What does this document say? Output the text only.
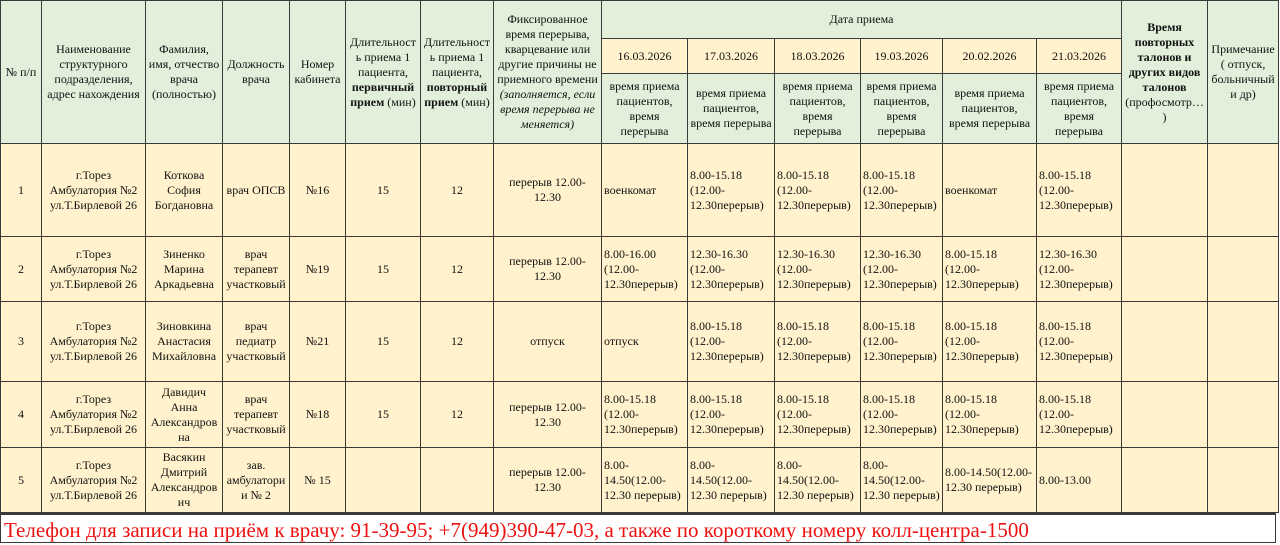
№ п/п	Наименование структурного подразделения, адрес нахождения	Фамилия, имя, отчество врача (полностью)	Должность врача	Номер кабинета	Длительность приема 1 пациента, первичный прием (мин)	Длительность приема 1 пациента, повторный прием (мин)	Фиксированное время перерыва, кварцевание или другие причины не приемного времени (заполняется, если время перерыва не меняется)	Дата приема						Время повторных талонов и других видов талонов (профосмотр…)	Примечание ( отпуск, больничный и др)
								16.03.2026	17.03.2026	18.03.2026	19.03.2026	20.02.2026	21.03.2026		
								время приема пациентов, время перерыва	время приема пациентов, время перерыва	время приема пациентов, время перерыва	время приема пациентов, время перерыва	время приема пациентов, время перерыва	время приема пациентов, время перерыва		
1	г.Торез Амбулатория №2 ул.Т.Бирлевой 26	Коткова София Богдановна	врач ОПСВ	№16	15	12	перерыв 12.00-12.30	военкомат	8.00-15.18 (12.00-12.30перерыв)	8.00-15.18 (12.00-12.30перерыв)	8.00-15.18 (12.00-12.30перерыв)	военкомат	8.00-15.18 (12.00-12.30перерыв)		
2	г.Торез Амбулатория №2 ул.Т.Бирлевой 26	Зиненко Марина Аркадьевна	врач терапевт участковый	№19	15	12	перерыв 12.00-12.30	8.00-16.00 (12.00-12.30перерыв)	12.30-16.30 (12.00-12.30перерыв)	12.30-16.30 (12.00-12.30перерыв)	12.30-16.30 (12.00-12.30перерыв)	8.00-15.18 (12.00-12.30перерыв)	12.30-16.30 (12.00-12.30перерыв)		
3	г.Торез Амбулатория №2 ул.Т.Бирлевой 26	Зиновкина Анастасия Михайловна	врач педиатр участковый	№21	15	12	отпуск	отпуск	8.00-15.18 (12.00-12.30перерыв)	8.00-15.18 (12.00-12.30перерыв)	8.00-15.18 (12.00-12.30перерыв)	8.00-15.18 (12.00-12.30перерыв)	8.00-15.18 (12.00-12.30перерыв)		
4	г.Торез Амбулатория №2 ул.Т.Бирлевой 26	Давидич Анна Александровна	врач терапевт участковый	№18	15	12	перерыв 12.00-12.30	8.00-15.18 (12.00-12.30перерыв)	8.00-15.18 (12.00-12.30перерыв)	8.00-15.18 (12.00-12.30перерыв)	8.00-15.18 (12.00-12.30перерыв)	8.00-15.18 (12.00-12.30перерыв)	8.00-15.18 (12.00-12.30перерыв)		
5	г.Торез Амбулатория №2 ул.Т.Бирлевой 26	Васякин Дмитрий Александрович	зав. амбулатории № 2	№ 15			перерыв 12.00-12.30	8.00-14.50(12.00-12.30 перерыв)	8.00-14.50(12.00-12.30 перерыв)	8.00-14.50(12.00-12.30 перерыв)	8.00-14.50(12.00-12.30 перерыв)	8.00-14.50(12.00-12.30 перерыв)	8.00-13.00		
Телефон для записи на приём к врачу: 91-39-95; +7(949)390-47-03, а также по короткому номеру колл-центра-1500
